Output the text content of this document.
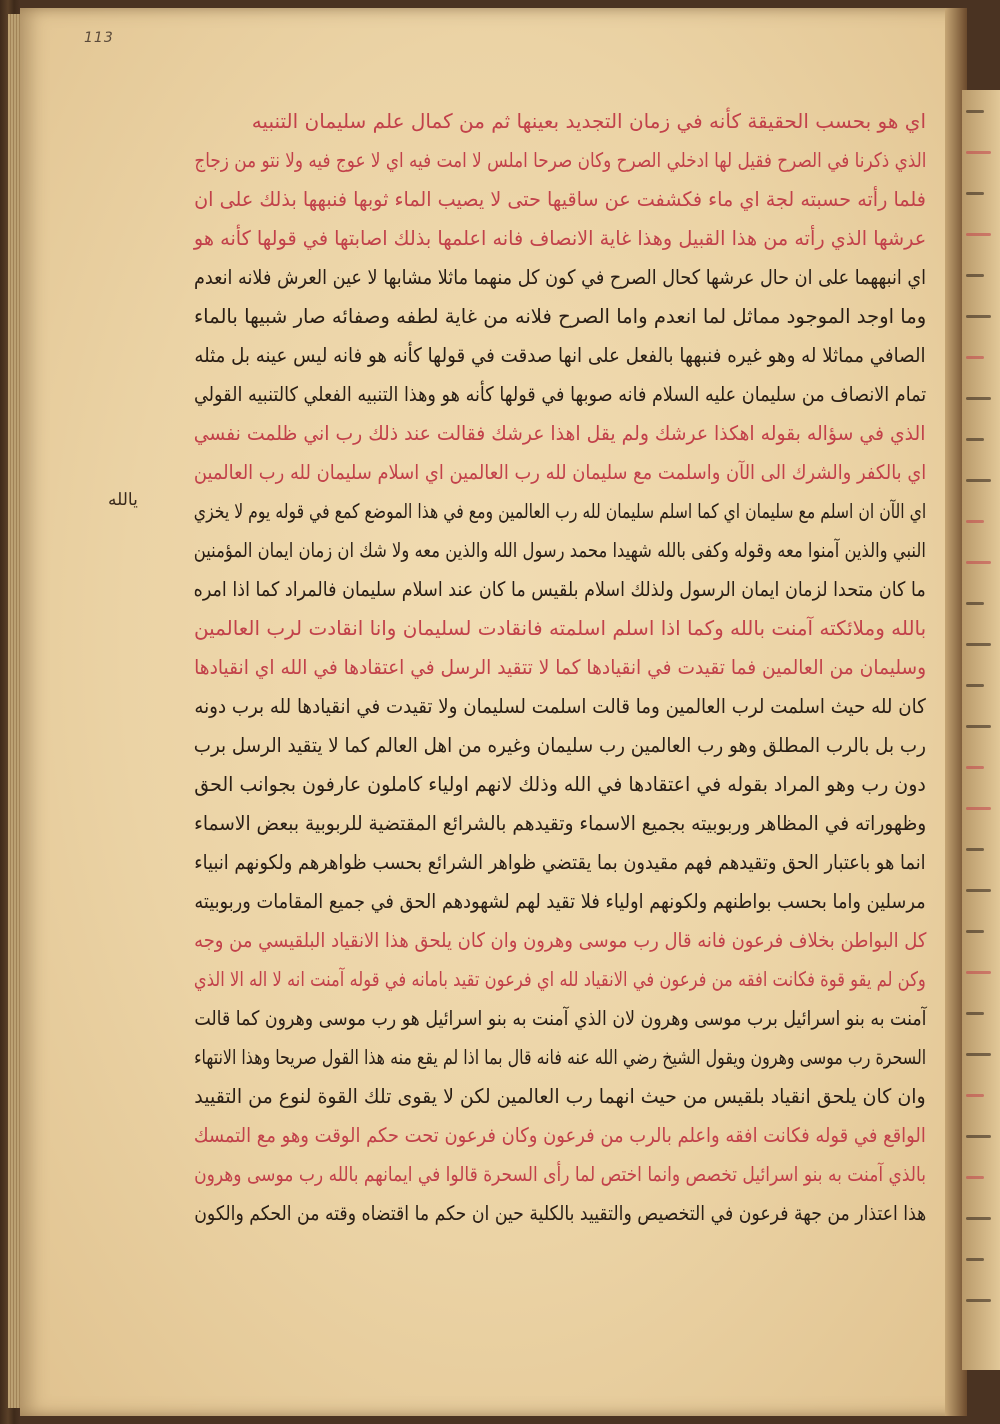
113
يالله
اي هو بحسب الحقيقة كأنه في زمان التجديد بعينها ثم من كمال علم سليمان التنبيه
الذي ذكرنا في الصرح فقيل لها ادخلي الصرح وكان صرحا املس لا امت فيه اي لا عوج فيه ولا نتو من زجاج
فلما رأته حسبته لجة اي ماء فكشفت عن ساقيها حتى لا يصيب الماء ثوبها فنبهها بذلك على ان
عرشها الذي رأته من هذا القبيل وهذا غاية الانصاف فانه اعلمها بذلك اصابتها في قولها كأنه هو
اي انبههما على ان حال عرشها كحال الصرح في كون كل منهما ماثلا مشابها لا عين العرش فلانه انعدم
وما اوجد الموجود مماثل لما انعدم واما الصرح فلانه من غاية لطفه وصفائه صار شبيها بالماء
الصافي مماثلا له وهو غيره فنبهها بالفعل على انها صدقت في قولها كأنه هو فانه ليس عينه بل مثله
تمام الانصاف من سليمان عليه السلام فانه صوبها في قولها كأنه هو وهذا التنبيه الفعلي كالتنبيه القولي
الذي في سؤاله بقوله اهكذا عرشك ولم يقل اهذا عرشك فقالت عند ذلك رب اني ظلمت نفسي
اي بالكفر والشرك الى الآن واسلمت مع سليمان لله رب العالمين اي اسلام سليمان لله رب العالمين
اي الآن ان اسلم مع سليمان اي كما اسلم سليمان لله رب العالمين ومع في هذا الموضع كمع في قوله يوم لا يخزي
النبي والذين آمنوا معه وقوله وكفى بالله شهيدا محمد رسول الله والذين معه ولا شك ان زمان ايمان المؤمنين
ما كان متحدا لزمان ايمان الرسول ولذلك اسلام بلقيس ما كان عند اسلام سليمان فالمراد كما اذا امره
بالله وملائكته آمنت بالله وكما اذا اسلم اسلمته فانقادت لسليمان وانا انقادت لرب العالمين
وسليمان من العالمين فما تقيدت في انقيادها كما لا تتقيد الرسل في اعتقادها في الله اي انقيادها
كان لله حيث اسلمت لرب العالمين وما قالت اسلمت لسليمان ولا تقيدت في انقيادها لله برب دونه
رب بل بالرب المطلق وهو رب العالمين رب سليمان وغيره من اهل العالم كما لا يتقيد الرسل برب
دون رب وهو المراد بقوله في اعتقادها في الله وذلك لانهم اولياء كاملون عارفون بجوانب الحق
وظهوراته في المظاهر وربوبيته بجميع الاسماء وتقيدهم بالشرائع المقتضية للربوبية ببعض الاسماء
انما هو باعتبار الحق وتقيدهم فهم مقيدون بما يقتضي ظواهر الشرائع بحسب ظواهرهم ولكونهم انبياء
مرسلين واما بحسب بواطنهم ولكونهم اولياء فلا تقيد لهم لشهودهم الحق في جميع المقامات وربوبيته
كل البواطن بخلاف فرعون فانه قال رب موسى وهرون وان كان يلحق هذا الانقياد البلقيسي من وجه
وكن لم يقو قوة فكانت افقه من فرعون في الانقياد لله اي فرعون تقيد بامانه في قوله آمنت انه لا اله الا الذي
آمنت به بنو اسرائيل برب موسى وهرون لان الذي آمنت به بنو اسرائيل هو رب موسى وهرون كما قالت
السحرة رب موسى وهرون ويقول الشيخ رضي الله عنه فانه قال بما اذا لم يقع منه هذا القول صريحا وهذا الانتهاء
وان كان يلحق انقياد بلقيس من حيث انهما رب العالمين لكن لا يقوى تلك القوة لنوع من التقييد
الواقع في قوله فكانت افقه واعلم بالرب من فرعون وكان فرعون تحت حكم الوقت وهو مع التمسك
بالذي آمنت به بنو اسرائيل تخصص وانما اختص لما رأى السحرة قالوا في ايمانهم بالله رب موسى وهرون
هذا اعتذار من جهة فرعون في التخصيص والتقييد بالكلية حين ان حكم ما اقتضاه وقته من الحكم والكون
